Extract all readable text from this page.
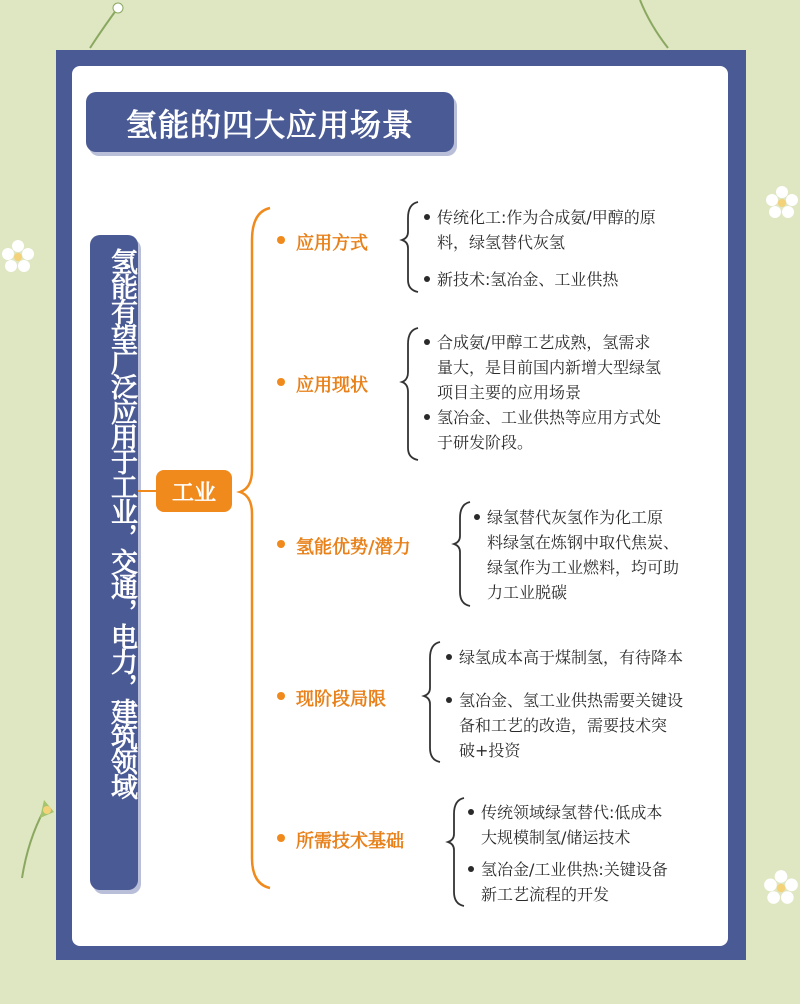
氢能的四大应用场景
氢能有望广泛应用于工业，交通，电力，建筑领域	工业
应用方式
传统化工:作为合成氨/甲醇的原
料，绿氢替代灰氢
新技术:氢冶金、工业供热
应用现状
合成氨/甲醇工艺成熟，氢需求
量大，是目前国内新增大型绿氢
项目主要的应用场景
氢冶金、工业供热等应用方式处
于研发阶段。
氢能优势/潜力
绿氢替代灰氢作为化工原
料绿氢在炼钢中取代焦炭、
绿氢作为工业燃料，均可助
力工业脱碳
现阶段局限
绿氢成本高于煤制氢，有待降本
氢冶金、氢工业供热需要关键设
备和工艺的改造，需要技术突
破+投资
所需技术基础
传统领域绿氢替代:低成本
大规模制氢/储运技术
氢冶金/工业供热:关键设备
新工艺流程的开发
